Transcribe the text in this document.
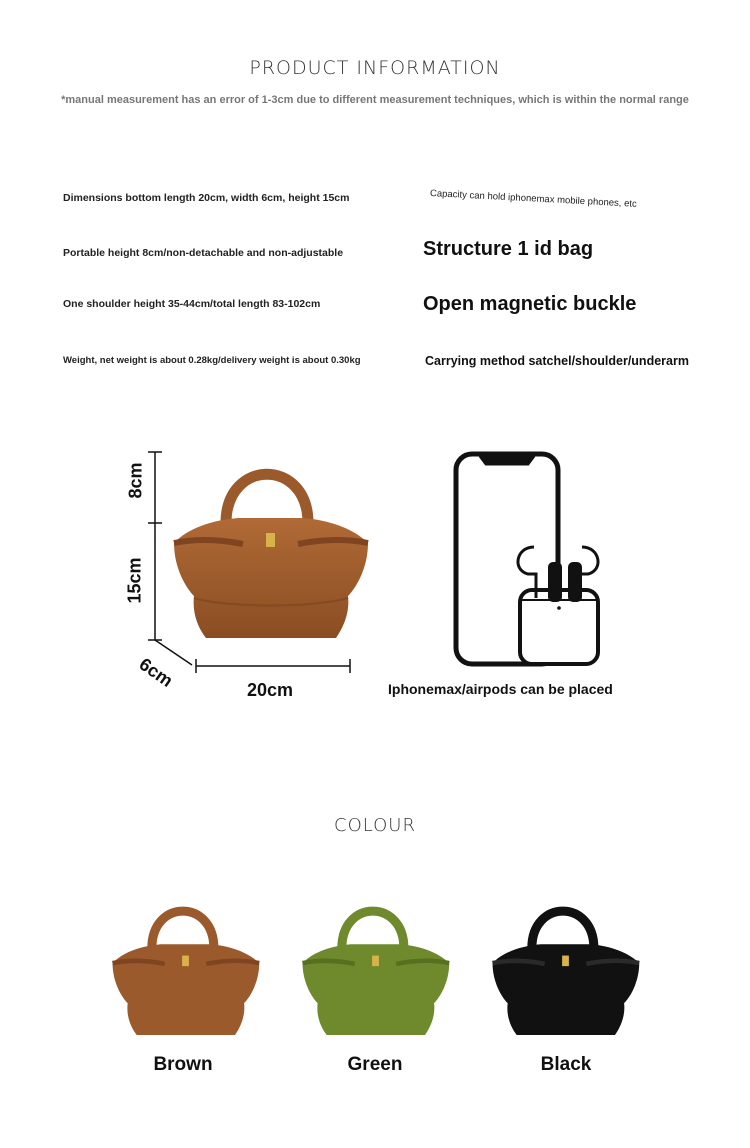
PRODUCT INFORMATION
*manual measurement has an error of 1-3cm due to different measurement techniques, which is within the normal range
Dimensions bottom length 20cm, width 6cm, height 15cm	Capacity can hold iphonemax mobile phones, etc
Portable height 8cm/non-detachable and non-adjustable	Structure 1 id bag
One shoulder height 35-44cm/total length 83-102cm	Open magnetic buckle
Weight, net weight is about 0.28kg/delivery weight is about 0.30kg	Carrying method satchel/shoulder/underarm
8cm
15cm
6cm	20cm	Iphonemax/airpods can be placed
COLOUR
Brown	Green	Black
